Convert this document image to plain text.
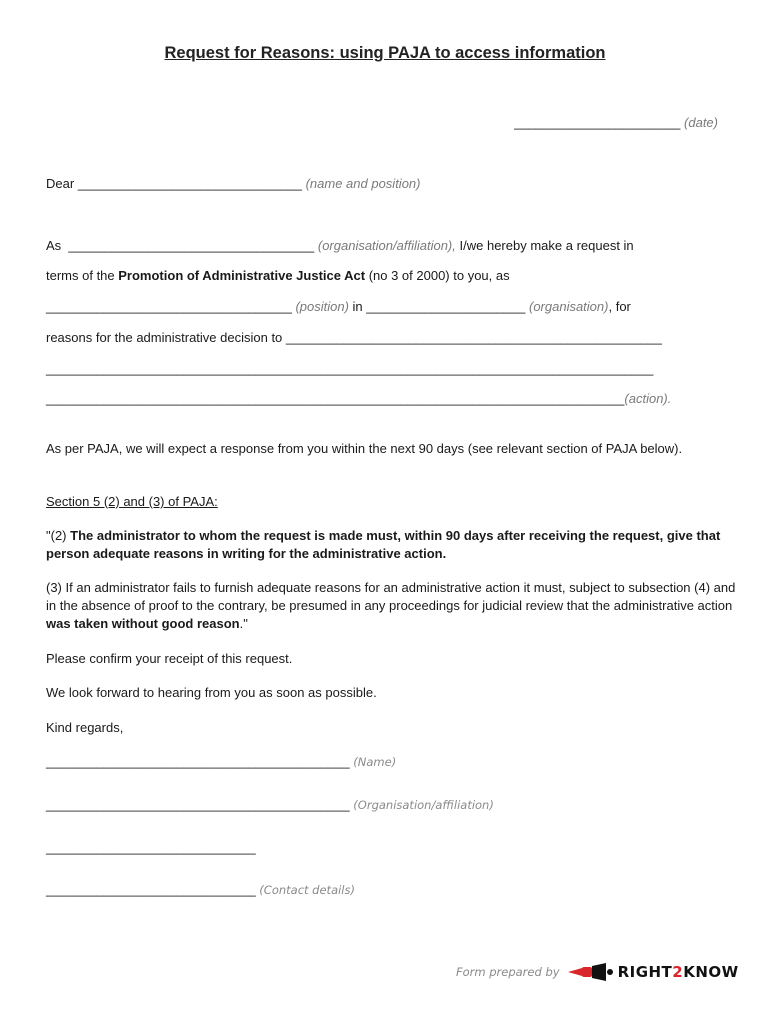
Request for Reasons: using PAJA to access information
_______________________ (date)
Dear _______________________________ (name and position)
As __________________________________ (organisation/affiliation), I/we hereby make a request in
terms of the Promotion of Administrative Justice Act (no 3 of 2000) to you, as
__________________________________ (position) in ______________________ (organisation), for
reasons for the administrative decision to ____________________________________________________
____________________________________________________________________________________
________________________________________________________________________________(action).
As per PAJA, we will expect a response from you within the next 90 days (see relevant section of PAJA below).
Section 5 (2) and (3) of PAJA:
"(2) The administrator to whom the request is made must, within 90 days after receiving the request, give that person adequate reasons in writing for the administrative action.
(3) If an administrator fails to furnish adequate reasons for an administrative action it must, subject to subsection (4) and in the absence of proof to the contrary, be presumed in any proceedings for judicial review that the administrative action was taken without good reason."
Please confirm your receipt of this request.
We look forward to hearing from you as soon as possible.
Kind regards,
__________________________________________ (Name)
__________________________________________ (Organisation/affiliation)
_____________________________
_____________________________ (Contact details)
Form prepared by	RIGHT2KNOW
